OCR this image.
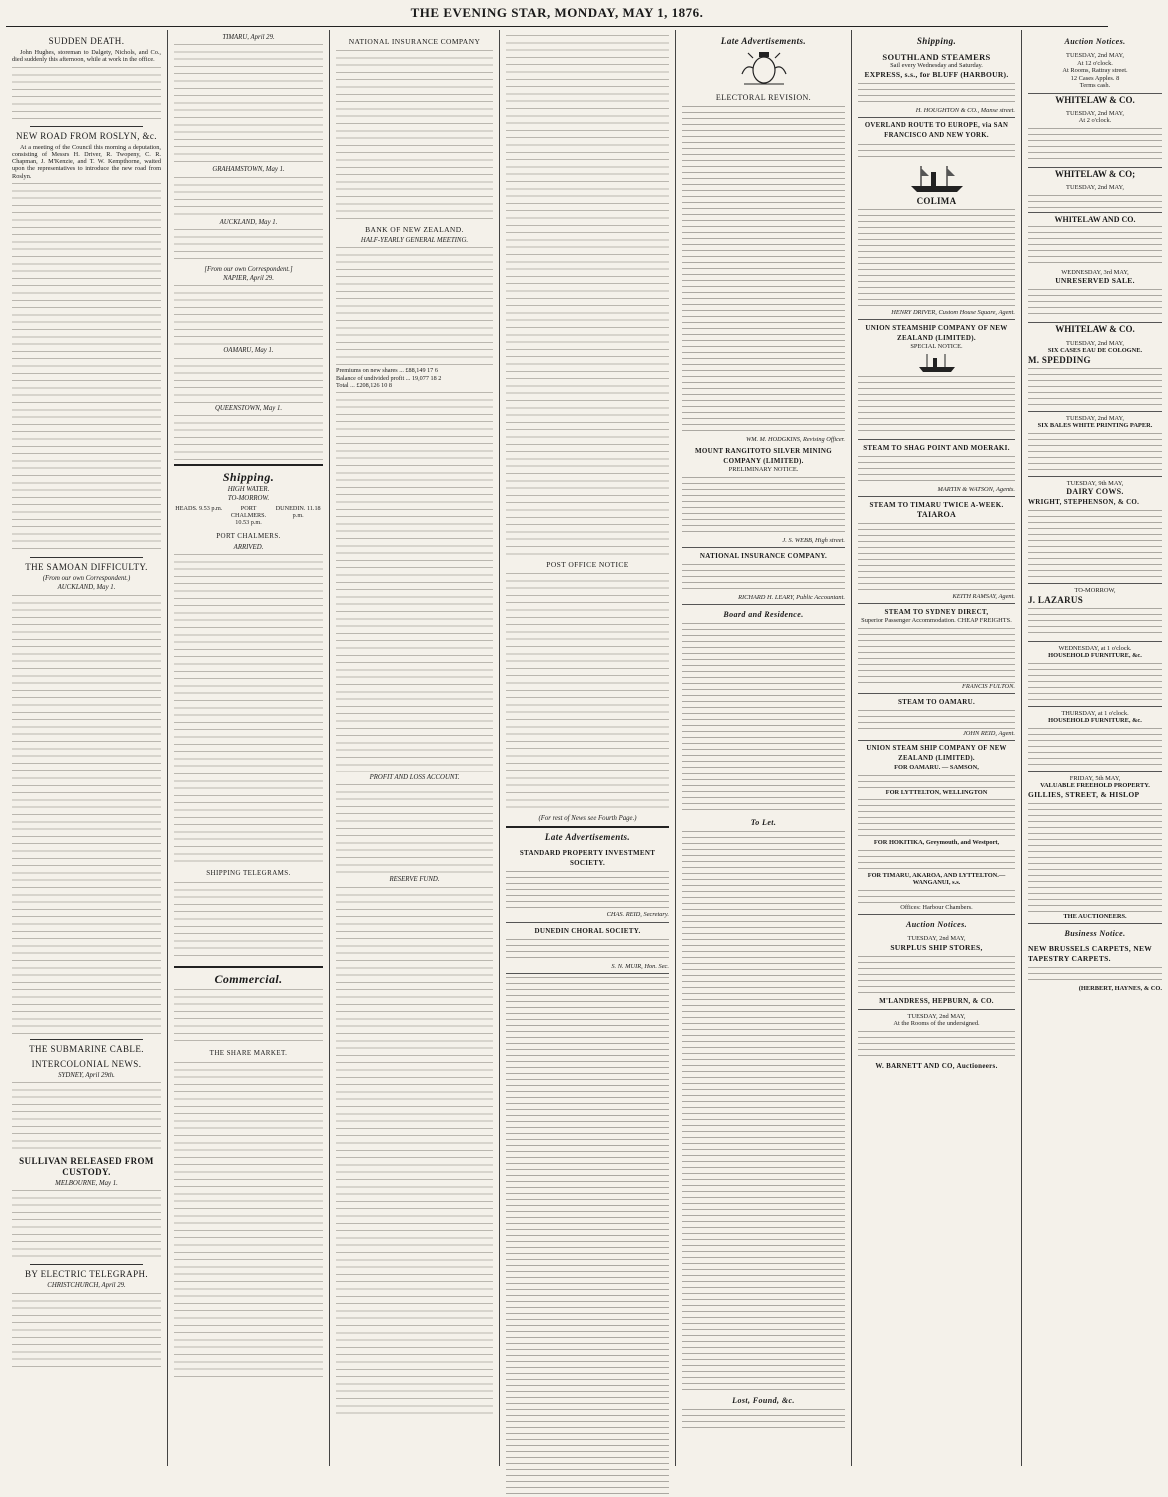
THE EVENING STAR, MONDAY, MAY 1, 1876.
SUDDEN DEATH.
John Hughes, storeman to Dalgety, Nichols, and Co., died suddenly this afternoon, while at work in the office.
NEW ROAD FROM ROSLYN, &c.
At a meeting of the Council this morning a deputation, consisting of Messrs H. Driver, R. Twopeny, C. R. Chapman, J. M'Kenzie, and T. W. Kempthorne, waited upon the representatives to introduce the new road from Roslyn.
THE SAMOAN DIFFICULTY.
(From our own Correspondent.)
AUCKLAND, May 1.
THE SUBMARINE CABLE.
INTERCOLONIAL NEWS.
SYDNEY, April 29th.
SULLIVAN RELEASED FROM CUSTODY.
MELBOURNE, May 1.
BY ELECTRIC TELEGRAPH.
CHRISTCHURCH, April 29.
TIMARU, April 29.
GRAHAMSTOWN, May 1.
AUCKLAND, May 1.
[From our own Correspondent.]
NAPIER, April 29.
OAMARU, May 1.
QUEENSTOWN, May 1.
Shipping.
HIGH WATER.
TO-MORROW.
HEADS. 9.53 p.m.	PORT CHALMERS. 10.53 p.m.
DUNEDIN. 11.18 p.m.
PORT CHALMERS.
ARRIVED.
SHIPPING TELEGRAMS.
Commercial.
THE SHARE MARKET.
NATIONAL INSURANCE COMPANY
BANK OF NEW ZEALAND.
HALF-YEARLY GENERAL MEETING.
Premiums on new shares ... £88,149 17 6
Balance of undivided profit ... 19,077 18 2
Total ... £208,126 10 8
PROFIT AND LOSS ACCOUNT.
RESERVE FUND.
POST OFFICE NOTICE
(For rest of News see Fourth Page.)
Late Advertisements.
STANDARD PROPERTY INVESTMENT SOCIETY.
CHAS. REID, Secretary.
DUNEDIN CHORAL SOCIETY.
S. N. MUIR, Hon. Sec.
Late Advertisements.
ELECTORAL REVISION.
WM. M. HODGKINS, Revising Officer.
MOUNT RANGITOTO SILVER MINING COMPANY (LIMITED).
PRELIMINARY NOTICE.
J. S. WEBB, High street.
NATIONAL INSURANCE COMPANY.
RICHARD H. LEARY, Public Accountant.
Board and Residence.
To Let.
Lost, Found, &c.
Shipping.
SOUTHLAND STEAMERS
Sail every Wednesday and Saturday.
EXPRESS, s.s., for BLUFF (HARBOUR).
H. HOUGHTON & CO., Manse street.
OVERLAND ROUTE TO EUROPE, via SAN FRANCISCO AND NEW YORK.
COLIMA
HENRY DRIVER, Custom House Square, Agent.
UNION STEAMSHIP COMPANY OF NEW ZEALAND (LIMITED).
SPECIAL NOTICE.
STEAM TO SHAG POINT AND MOERAKI.
MARTIN & WATSON, Agents.
STEAM TO TIMARU TWICE A-WEEK.
TAIAROA
KEITH RAMSAY, Agent.
STEAM TO SYDNEY DIRECT,
Superior Passenger Accommodation. CHEAP FREIGHTS.
FRANCIS FULTON.
STEAM TO OAMARU.
JOHN REID, Agent.
UNION STEAM SHIP COMPANY OF NEW ZEALAND (LIMITED).
FOR OAMARU. — SAMSON,
FOR LYTTELTON, WELLINGTON
FOR HOKITIKA, Greymouth, and Westport,
FOR TIMARU, AKAROA, AND LYTTELTON.—WANGANUI, s.s.
Offices: Harbour Chambers.
Auction Notices.
TUESDAY, 2nd MAY,
SURPLUS SHIP STORES,
M'LANDRESS, HEPBURN, & CO.
TUESDAY, 2nd MAY,
At the Rooms of the undersigned.
W. BARNETT AND CO, Auctioneers.
Auction Notices.
TUESDAY, 2nd MAY,
At 12 o'clock.
At Rooms, Rattray street.
12 Cases Apples. 8
Terms cash.
WHITELAW & CO.
TUESDAY, 2nd MAY,
At 2 o'clock.
WHITELAW & CO;
TUESDAY, 2nd MAY,
WHITELAW AND CO.
WEDNESDAY, 3rd MAY,
UNRESERVED SALE.
WHITELAW & CO.
TUESDAY, 2nd MAY,
SIX CASES EAU DE COLOGNE.
M. SPEDDING
TUESDAY, 2nd MAY,
SIX BALES WHITE PRINTING PAPER.
TUESDAY, 9th MAY,
DAIRY COWS.
WRIGHT, STEPHENSON, & CO.
TO-MORROW,
J. LAZARUS
WEDNESDAY, at 1 o'clock.
HOUSEHOLD FURNITURE, &c.
THURSDAY, at 1 o'clock.
HOUSEHOLD FURNITURE, &c.
FRIDAY, 5th MAY,
VALUABLE FREEHOLD PROPERTY.
GILLIES, STREET, & HISLOP
THE AUCTIONEERS.
Business Notice.
NEW BRUSSELS CARPETS, NEW TAPESTRY CARPETS.
(HERBERT, HAYNES, & CO.
